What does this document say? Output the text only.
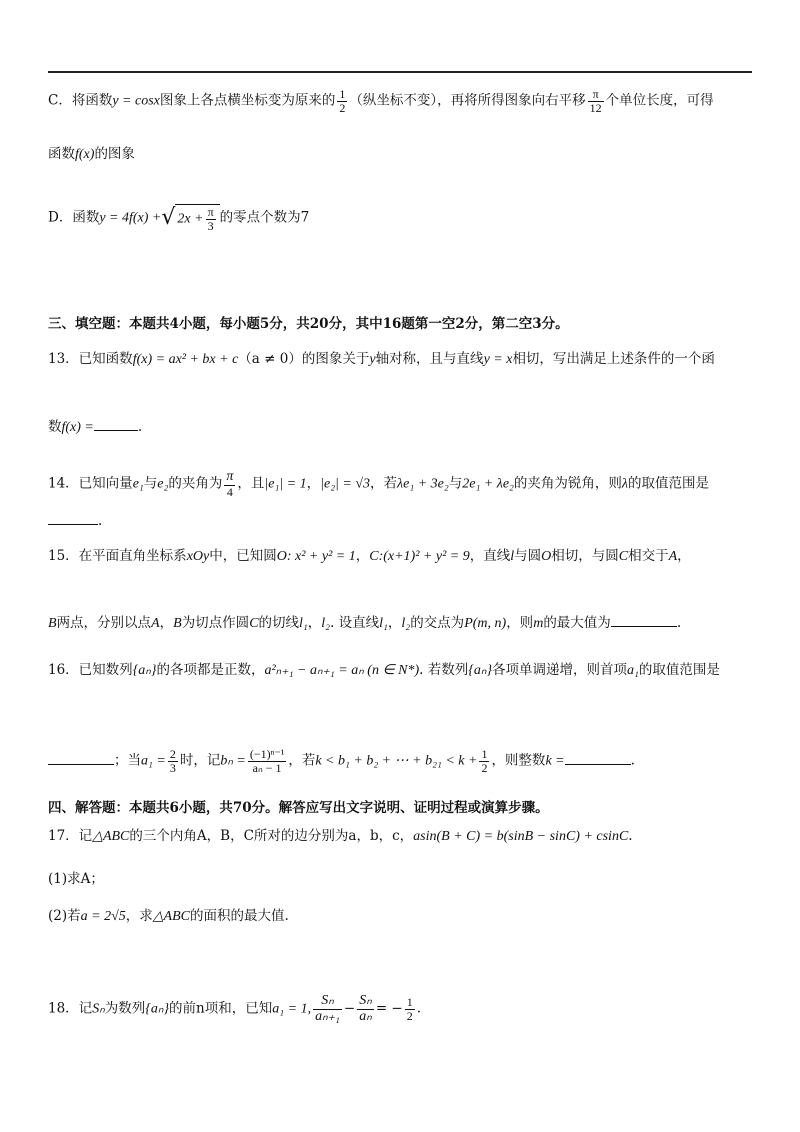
C．将函数y = cosx图象上各点横坐标变为原来的 $\frac{1}{2}$ （纵坐标不变），再将所得图象向右平移 $\frac{\pi}{12}$ 个单位长度，可得
函数f(x)的图象
D．函数y = 4f(x) +√ $2x + \frac{\pi}{3}$ 的零点个数为7
三、填空题：本题共4小题，每小题5分，共20分，其中16题第一空2分，第二空3分。
13．已知函数f(x) = ax² + bx + c（a ≠ 0）的图象关于y轴对称，且与直线y = x相切，写出满足上述条件的一个函
数f(x) =	.
14．已知向量e₁与e₂的夹角为 $\frac{\pi}{4}$ ，且|e₁| = 1，|e₂| = √3，若λe₁ + 3e₂与2e₁ + λe₂的夹角为锐角，则λ的取值范围是
.
15．在平面直角坐标系xOy中，已知圆O: x² + y² = 1，C:(x+1)² + y² = 9，直线l与圆O相切，与圆C相交于A，
B两点，分别以点A，B为切点作圆C的切线l₁，l₂. 设直线l₁，l₂的交点为P(m, n)，则m的最大值为	.
16．已知数列{aₙ}的各项都是正数，a²ₙ₊₁ − aₙ₊₁ = aₙ (n ∈ N*). 若数列{aₙ}各项单调递增，则首项a₁的取值范围是
；当$a_1 = \frac{2}{3}$ 时，记$b_n = \frac{\text{(−1)ⁿ⁻¹}}{\text{aₙ − 1}}$ ，若k < b₁ + b₂ + ⋯ + $b_{21} < k + \frac{1}{2}$ ，则整数k =	.
四、解答题：本题共6小题，共70分。解答应写出文字说明、证明过程或演算步骤。
17．记△ABC的三个内角A，B，C所对的边分别为a，b，c，asin(B + C) = b(sinB − sinC) + csinC.
(1)求A；
(2)若a = 2√5，求△ABC的面积的最大值.
18．记Sₙ为数列{aₙ}的前n项和，已知a₁ = 1, $\frac{\text{Sₙ}}{\text{aₙ₊₁}} - \frac{\text{Sₙ}}{\text{aₙ}}$ = − $\frac{1}{2}$ .
